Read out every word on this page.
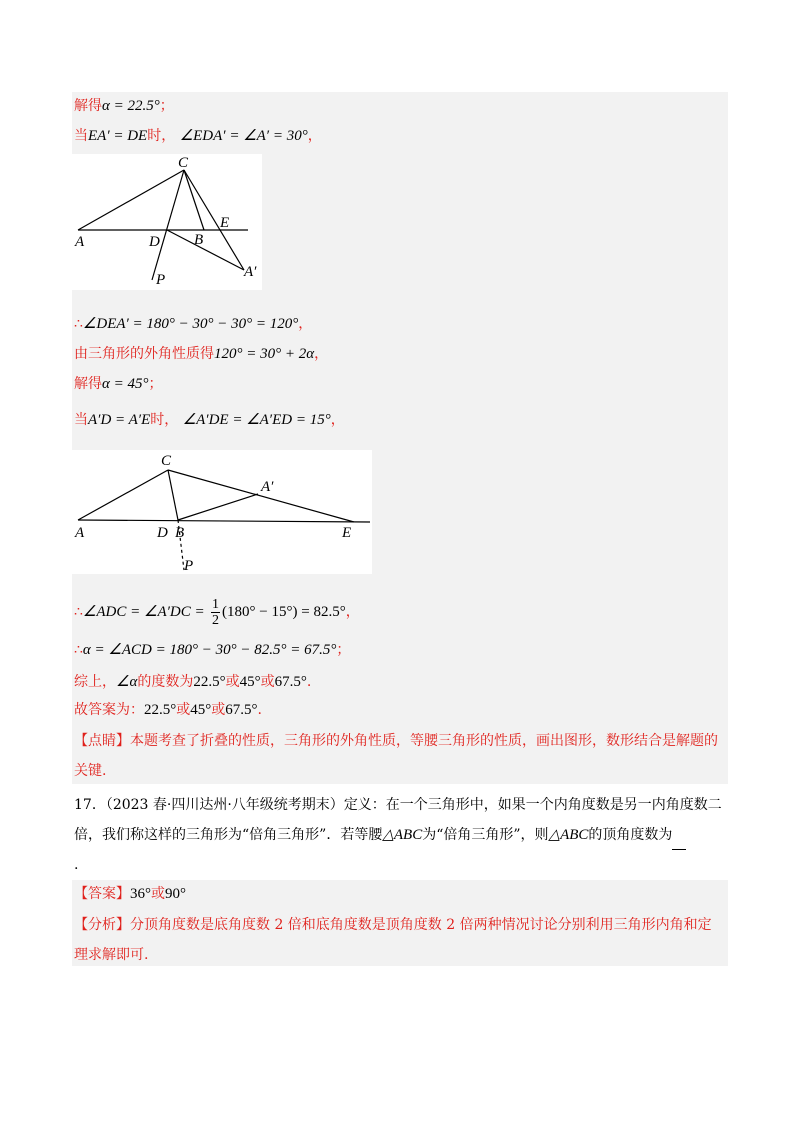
解得α = 22.5°；
当EA′ = DE时， ∠EDA′ = ∠A′ = 30°，
C
A	D B
E
P	A′
∴∠DEA′ = 180° − 30° − 30° = 120°，
由三角形的外角性质得120° = 30° + 2α，
解得α = 45°；
当A′D = A′E时， ∠A′DE = ∠A′ED = 15°，
C
A′
A	D B	E
P
∴∠ADC = ∠A′DC = $\frac{1}{2} (180^\circ - 15^\circ) = 82.5^\circ$，
∴α = ∠ACD = 180° − 30° − 82.5° = 67.5°；
综上，∠α的度数为22.5°或45°或67.5°.
故答案为：22.5°或45°或67.5°.
【点睛】本题考查了折叠的性质，三角形的外角性质，等腰三角形的性质，画出图形，数形结合是解题的关键.
17．（2023 春·四川达州·八年级统考期末）定义：在一个三角形中，如果一个内角度数是另一内角度数二倍，我们称这样的三角形为“倍角三角形”．若等腰△ABC为“倍角三角形”，则△ABC的顶角度数为
.
【答案】36°或90°
【分析】分顶角度数是底角度数 2 倍和底角度数是顶角度数 2 倍两种情况讨论分别利用三角形内角和定理求解即可.
